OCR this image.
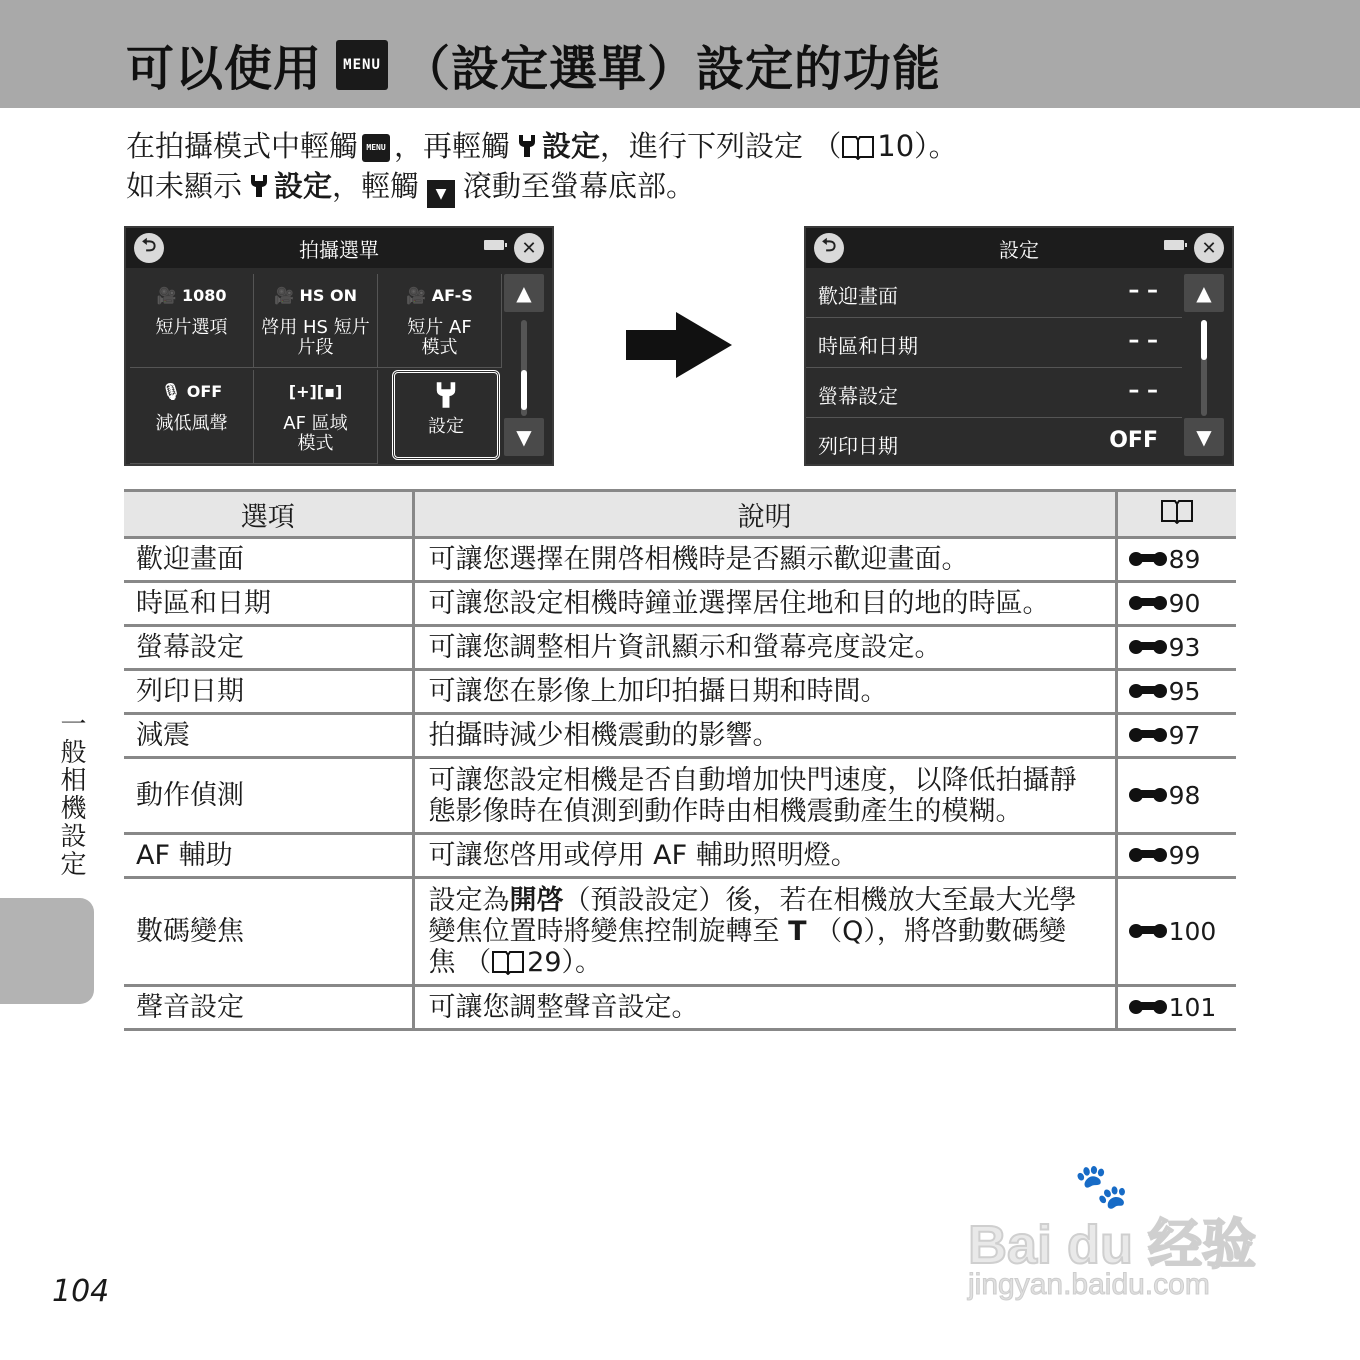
可以使用	MENU （設定選單）設定的功能
在拍攝模式中輕觸 MENU ，再輕觸 設定，進行下列設定 （ 10）。
如未顯示 設定，輕觸 ▼ 滾動至螢幕底部。
⮌	拍攝選單	✕
🎥 1080
短片選項
🎥 HS ON
啓用 HS 短片片段
🎥 AF-S
短片 AF 模式
🎙 OFF
減低風聲
[+][▪]
AF 區域模式
設定
▲
▼
⮌	設定	✕
歡迎畫面	– –
時區和日期	– –
螢幕設定	– –
列印日期	OFF
▲
▼
選項	說明	
歡迎畫面	可讓您選擇在開啓相機時是否顯示歡迎畫面。	89
時區和日期	可讓您設定相機時鐘並選擇居住地和目的地的時區。	90
螢幕設定	可讓您調整相片資訊顯示和螢幕亮度設定。	93
列印日期	可讓您在影像上加印拍攝日期和時間。	95
減震	拍攝時減少相機震動的影響。	97
動作偵測	可讓您設定相機是否自動增加快門速度，以降低拍攝靜
態影像時在偵測到動作時由相機震動產生的模糊。	98
AF 輔助	可讓您啓用或停用 AF 輔助照明燈。	99
數碼變焦	設定為開啓（預設設定）後，若在相機放大至最大光學
變焦位置時將變焦控制旋轉至 T （Q），將啓動數碼變
焦 （ 29）。	100
聲音設定	可讓您調整聲音設定。	101
一般相機設定
104
🐾
Bai du 经验
jingyan.baidu.com
